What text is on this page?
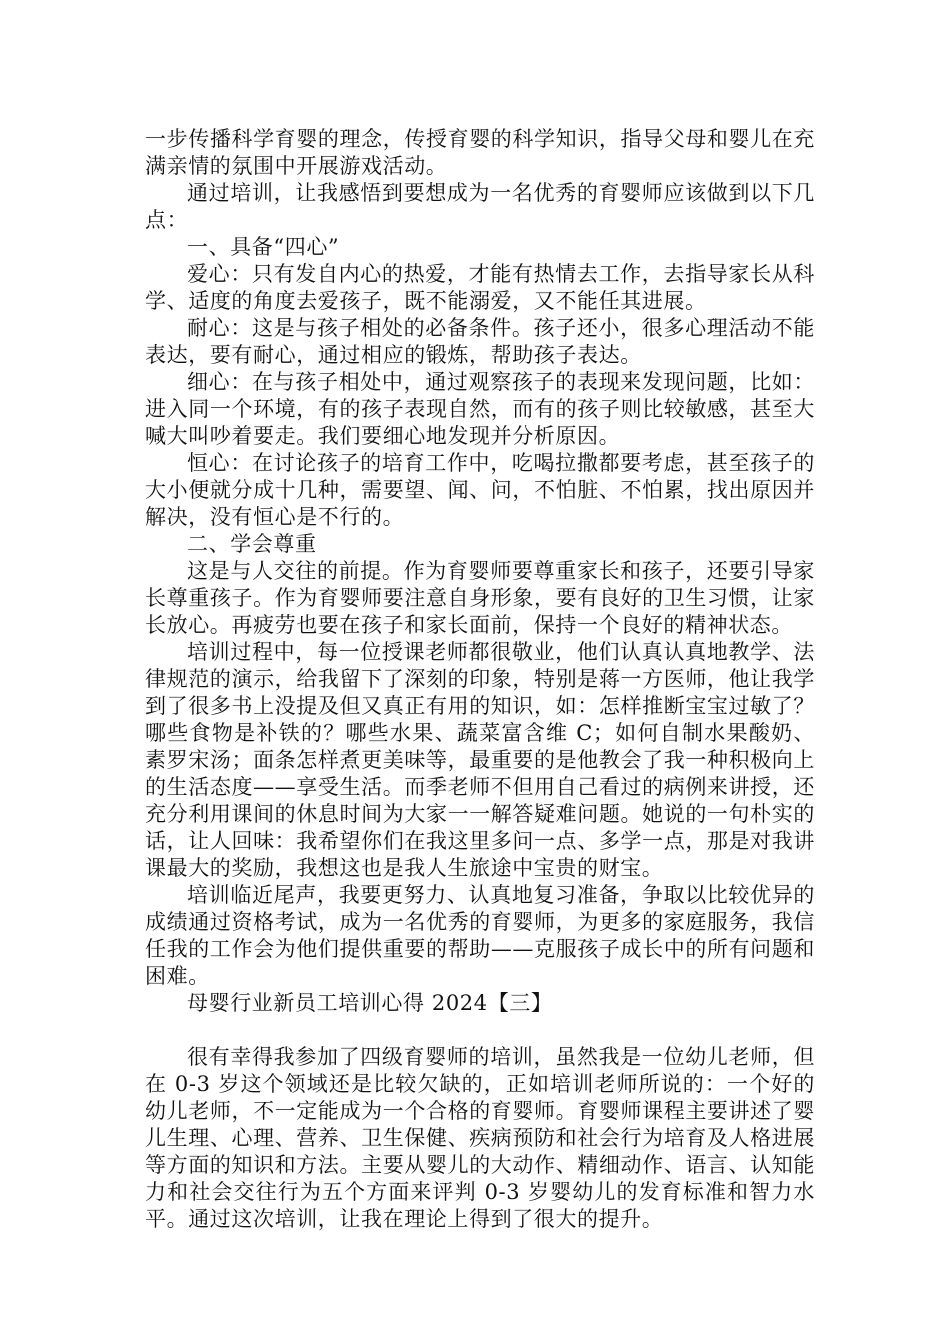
一步传播科学育婴的理念，传授育婴的科学知识，指导父母和婴儿在充满亲情的氛围中开展游戏活动。

通过培训，让我感悟到要想成为一名优秀的育婴师应该做到以下几点：

一、具备“四心”

爱心：只有发自内心的热爱，才能有热情去工作，去指导家长从科学、适度的角度去爱孩子，既不能溺爱，又不能任其进展。

耐心：这是与孩子相处的必备条件。孩子还小，很多心理活动不能表达，要有耐心，通过相应的锻炼，帮助孩子表达。

细心：在与孩子相处中，通过观察孩子的表现来发现问题，比如：进入同一个环境，有的孩子表现自然，而有的孩子则比较敏感，甚至大喊大叫吵着要走。我们要细心地发现并分析原因。

恒心：在讨论孩子的培育工作中，吃喝拉撒都要考虑，甚至孩子的大小便就分成十几种，需要望、闻、问，不怕脏、不怕累，找出原因并解决，没有恒心是不行的。

二、学会尊重

这是与人交往的前提。作为育婴师要尊重家长和孩子，还要引导家长尊重孩子。作为育婴师要注意自身形象，要有良好的卫生习惯，让家长放心。再疲劳也要在孩子和家长面前，保持一个良好的精神状态。

培训过程中，每一位授课老师都很敬业，他们认真认真地教学、法律规范的演示，给我留下了深刻的印象，特别是蒋一方医师，他让我学到了很多书上没提及但又真正有用的知识，如：怎样推断宝宝过敏了？哪些食物是补铁的？哪些水果、蔬菜富含维 C；如何自制水果酸奶、素罗宋汤；面条怎样煮更美味等，最重要的是他教会了我一种积极向上的生活态度——享受生活。而季老师不但用自己看过的病例来讲授，还充分利用课间的休息时间为大家一一解答疑难问题。她说的一句朴实的话，让人回味：我希望你们在我这里多问一点、多学一点，那是对我讲课最大的奖励，我想这也是我人生旅途中宝贵的财宝。

培训临近尾声，我要更努力、认真地复习准备，争取以比较优异的成绩通过资格考试，成为一名优秀的育婴师，为更多的家庭服务，我信任我的工作会为他们提供重要的帮助——克服孩子成长中的所有问题和困难。

母婴行业新员工培训心得 2024【三】

很有幸得我参加了四级育婴师的培训，虽然我是一位幼儿老师，但在 0-3 岁这个领域还是比较欠缺的，正如培训老师所说的：一个好的幼儿老师，不一定能成为一个合格的育婴师。育婴师课程主要讲述了婴儿生理、心理、营养、卫生保健、疾病预防和社会行为培育及人格进展等方面的知识和方法。主要从婴儿的大动作、精细动作、语言、认知能力和社会交往行为五个方面来评判 0-3 岁婴幼儿的发育标准和智力水平。通过这次培训，让我在理论上得到了很大的提升。
